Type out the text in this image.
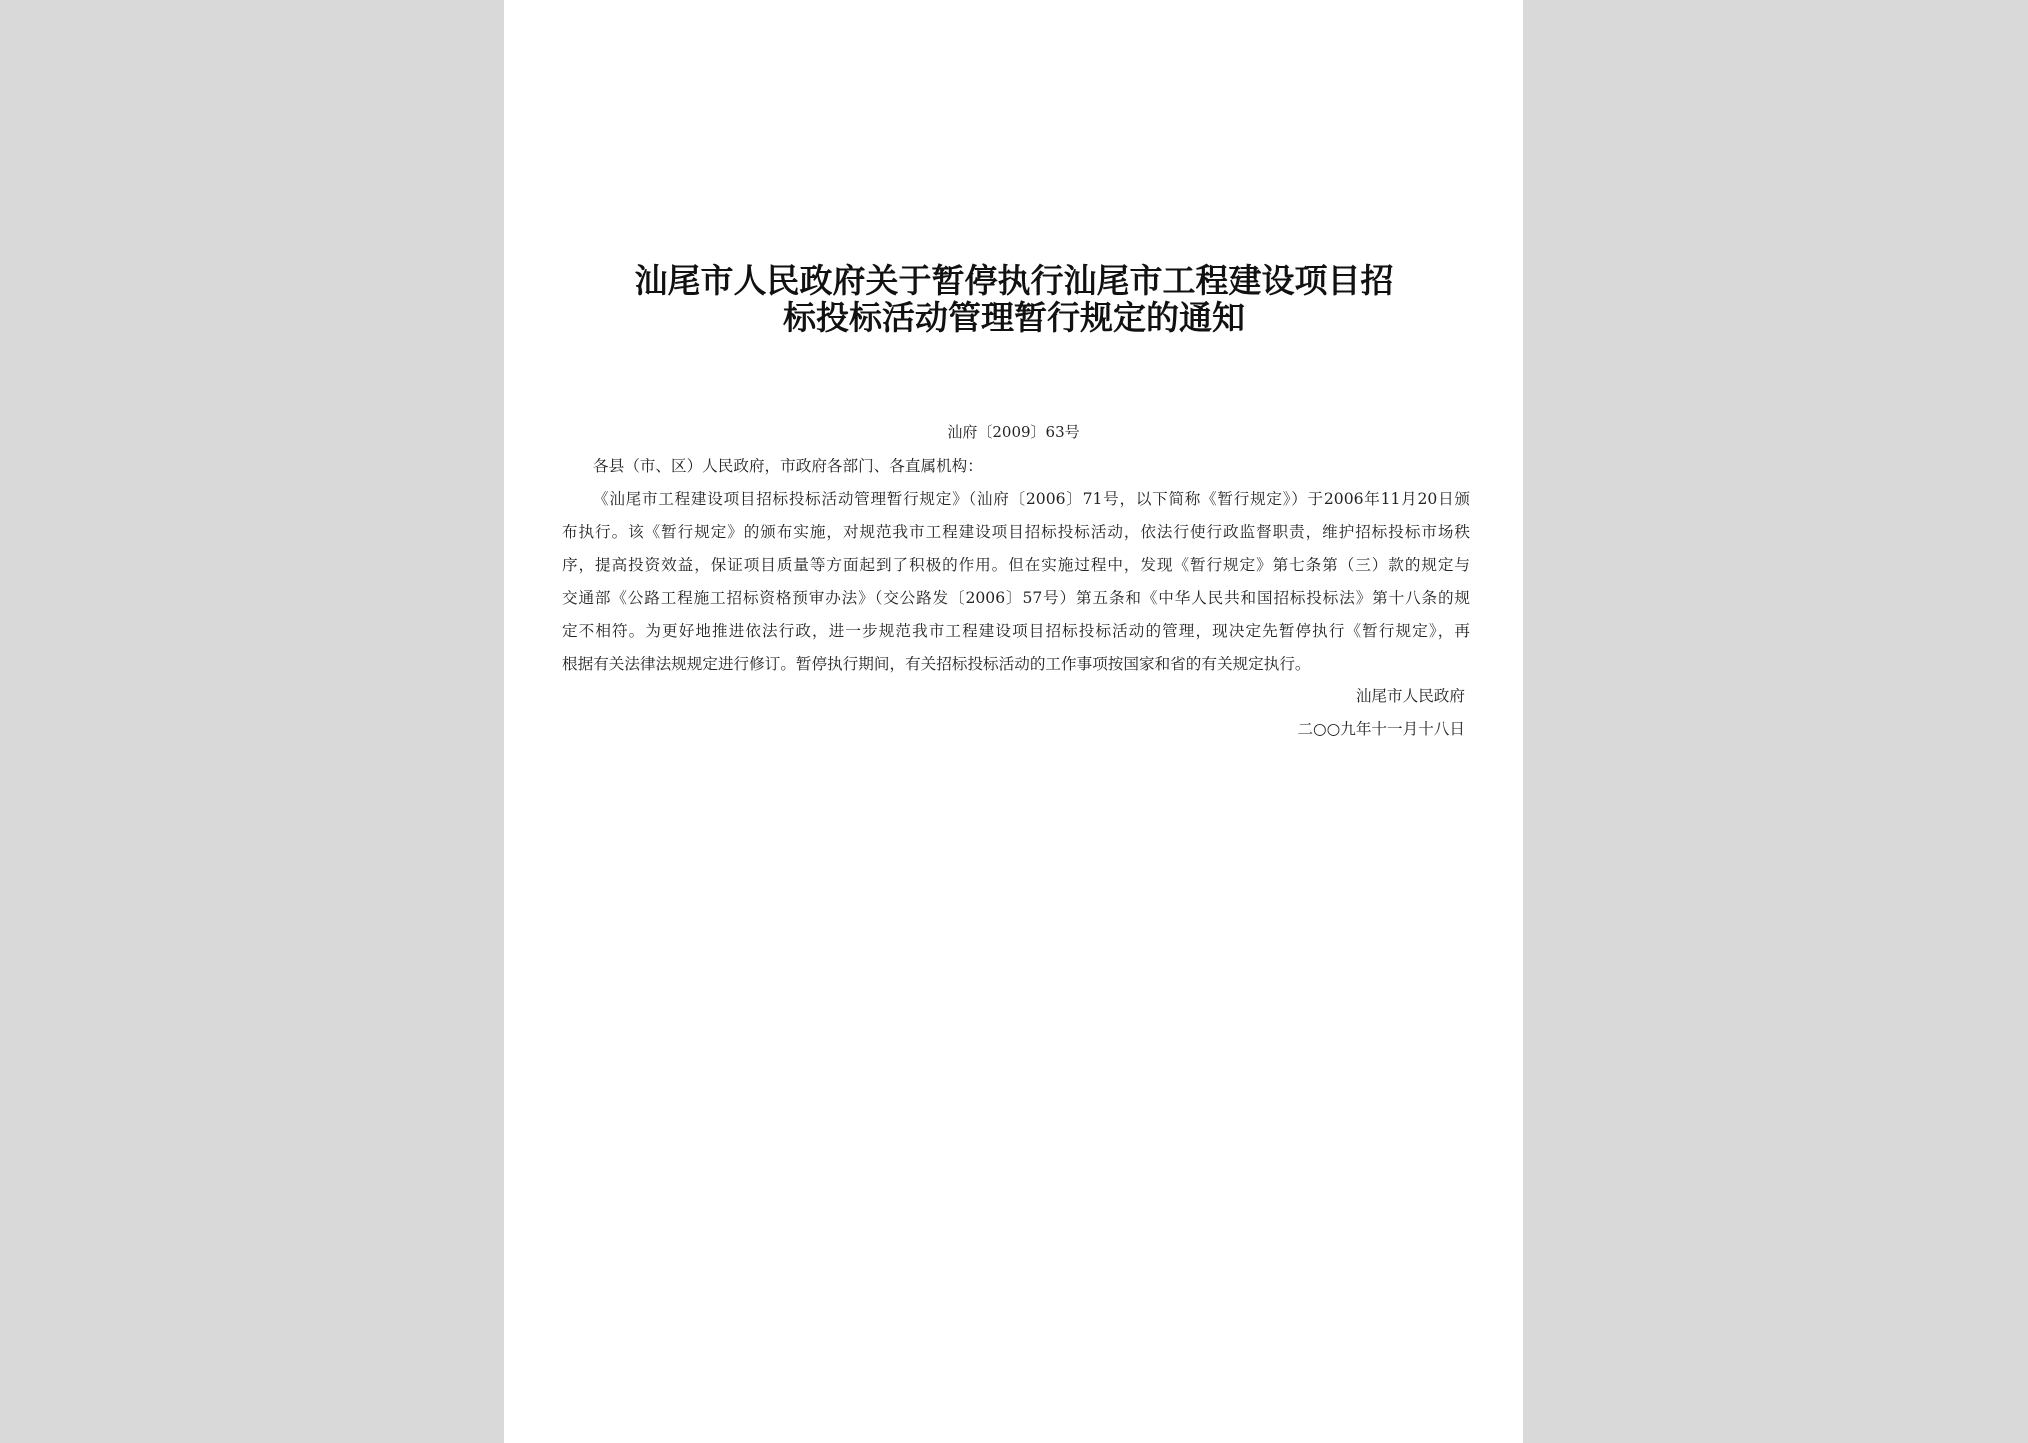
汕尾市人民政府关于暂停执行汕尾市工程建设项目招
标投标活动管理暂行规定的通知
汕府〔2009〕63号
各县（市、区）人民政府，市政府各部门、各直属机构：
《汕尾市工程建设项目招标投标活动管理暂行规定》（汕府〔2006〕71号，以下简称《暂行规定》）于2006年11月20日颁
布执行。该《暂行规定》的颁布实施，对规范我市工程建设项目招标投标活动，依法行使行政监督职责，维护招标投标市场秩
序，提高投资效益，保证项目质量等方面起到了积极的作用。但在实施过程中，发现《暂行规定》第七条第（三）款的规定与
交通部《公路工程施工招标资格预审办法》（交公路发〔2006〕57号）第五条和《中华人民共和国招标投标法》第十八条的规
定不相符。为更好地推进依法行政，进一步规范我市工程建设项目招标投标活动的管理，现决定先暂停执行《暂行规定》，再
根据有关法律法规规定进行修订。暂停执行期间，有关招标投标活动的工作事项按国家和省的有关规定执行。
汕尾市人民政府
二○○九年十一月十八日
